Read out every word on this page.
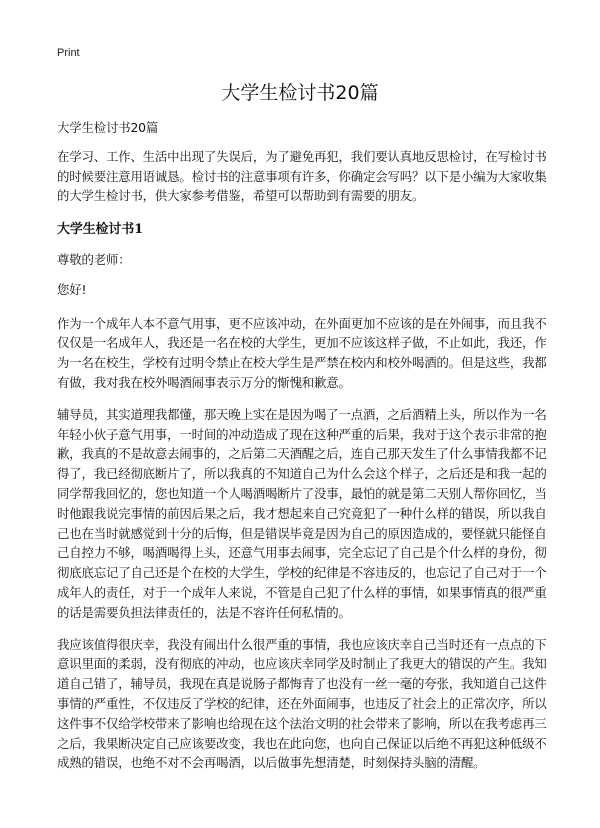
Print
大学生检讨书20篇

大学生检讨书20篇

在学习、工作、生活中出现了失误后，为了避免再犯，我们要认真地反思检讨，在写检讨书的时候要注意用语诚恳。检讨书的注意事项有许多，你确定会写吗？以下是小编为大家收集的大学生检讨书，供大家参考借鉴，希望可以帮助到有需要的朋友。

大学生检讨书1

尊敬的老师：

您好!

作为一个成年人本不意气用事，更不应该冲动，在外面更加不应该的是在外闹事，而且我不仅仅是一名成年人，我还是一名在校的大学生，更加不应该这样子做，不止如此，我还，作为一名在校生，学校有过明令禁止在校大学生是严禁在校内和校外喝酒的。但是这些，我都有做，我对我在校外喝酒闹事表示万分的惭愧和歉意。

辅导员，其实道理我都懂，那天晚上实在是因为喝了一点酒，之后酒精上头，所以作为一名年轻小伙子意气用事，一时间的冲动造成了现在这种严重的后果，我对于这个表示非常的抱歉，我真的不是故意去闹事的，之后第二天酒醒之后，连自己那天发生了什么事情我都不记得了，我已经彻底断片了，所以我真的不知道自己为什么会这个样子，之后还是和我一起的同学帮我回忆的，您也知道一个人喝酒喝断片了没事，最怕的就是第二天别人帮你回忆，当时他跟我说完事情的前因后果之后，我才想起来自己究竟犯了一种什么样的错误，所以我自己也在当时就感觉到十分的后悔，但是错误毕竟是因为自己的原因造成的，要怪就只能怪自己自控力不够，喝酒喝得上头，还意气用事去闹事，完全忘记了自己是个什么样的身份，彻彻底底忘记了自己还是个在校的大学生，学校的纪律是不容违反的，也忘记了自己对于一个成年人的责任，对于一个成年人来说，不管是自己犯了什么样的事情，如果事情真的很严重的话是需要负担法律责任的，法是不容许任何私情的。

我应该值得很庆幸，我没有闹出什么很严重的事情，我也应该庆幸自己当时还有一点点的下意识里面的柔弱，没有彻底的冲动，也应该庆幸同学及时制止了我更大的错误的产生。我知道自己错了，辅导员，我现在真是说肠子都悔青了也没有一丝一毫的夸张，我知道自己这件事情的严重性，不仅违反了学校的纪律，还在外面闹事，也违反了社会上的正常次序，所以这件事不仅给学校带来了影响也给现在这个法治文明的社会带来了影响，所以在我考虑再三之后，我果断决定自己应该要改变，我也在此向您，也向自己保证以后绝不再犯这种低级不成熟的错误，也绝不对不会再喝酒，以后做事先想清楚，时刻保持头脑的清醒。
